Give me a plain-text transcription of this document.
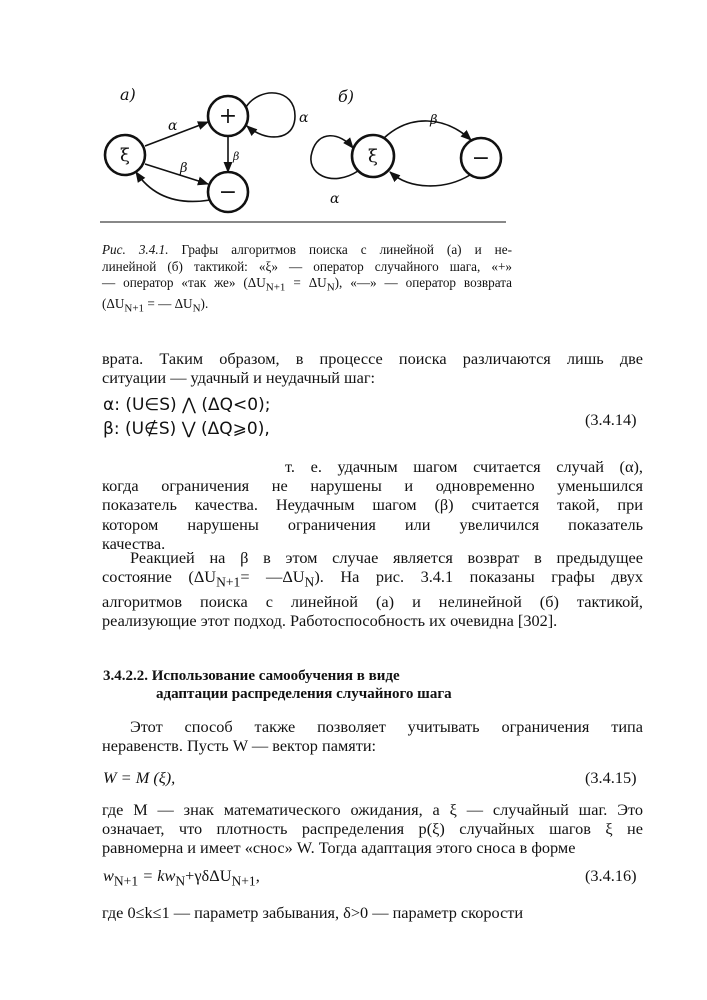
а)	б)
ξ
+
−
α
β
β
α
ξ	−
β
α
Рис. 3.4.1. Графы алгоритмов поиска с линейной (а) и не-
линейной (б) тактикой: «ξ» — оператор случайного шага, «+»
— оператор «так же» $(\Delta U_{N+1} = \Delta U_N)$, «—» — оператор возврата
($\Delta U_{N+1}$ = — $\Delta U_N$).
врата. Таким образом, в процессе поиска различаются лишь две
ситуации — удачный и неудачный шаг:
α: (U∈S) ⋀ (ΔQ<0);
β: (U∉S) ⋁ (ΔQ⩾0),	(3.4.14)
т. е. удачным шагом считается случай (α),
когда ограничения не нарушены и одновременно уменьшился
показатель качества. Неудачным шагом (β) считается такой, при
котором нарушены ограничения или увеличился показатель
качества.
Реакцией на β в этом случае является возврат в предыдущее
состояние ($\Delta U_{N+1}=$ $—\Delta U_N$). На рис. 3.4.1 показаны графы двух
алгоритмов поиска с линейной (а) и нелинейной (б) тактикой,
реализующие этот подход. Работоспособность их очевидна [302].
3.4.2.2. Использование самообучения в виде
адаптации распределения случайного шага
Этот способ также позволяет учитывать ограничения типа
неравенств. Пусть W — вектор памяти:
W = M (ξ),	(3.4.15)
где M — знак математического ожидания, а ξ — случайный шаг. Это
означает, что плотность распределения p(ξ) случайных шагов ξ не
равномерна и имеет «снос» W. Тогда адаптация этого сноса в форме
$w_{N+1} = kw_N+\gamma\delta\Delta U_{N+1}$,	(3.4.16)
где 0≤k≤1 — параметр забывания, δ>0 — параметр скорости
